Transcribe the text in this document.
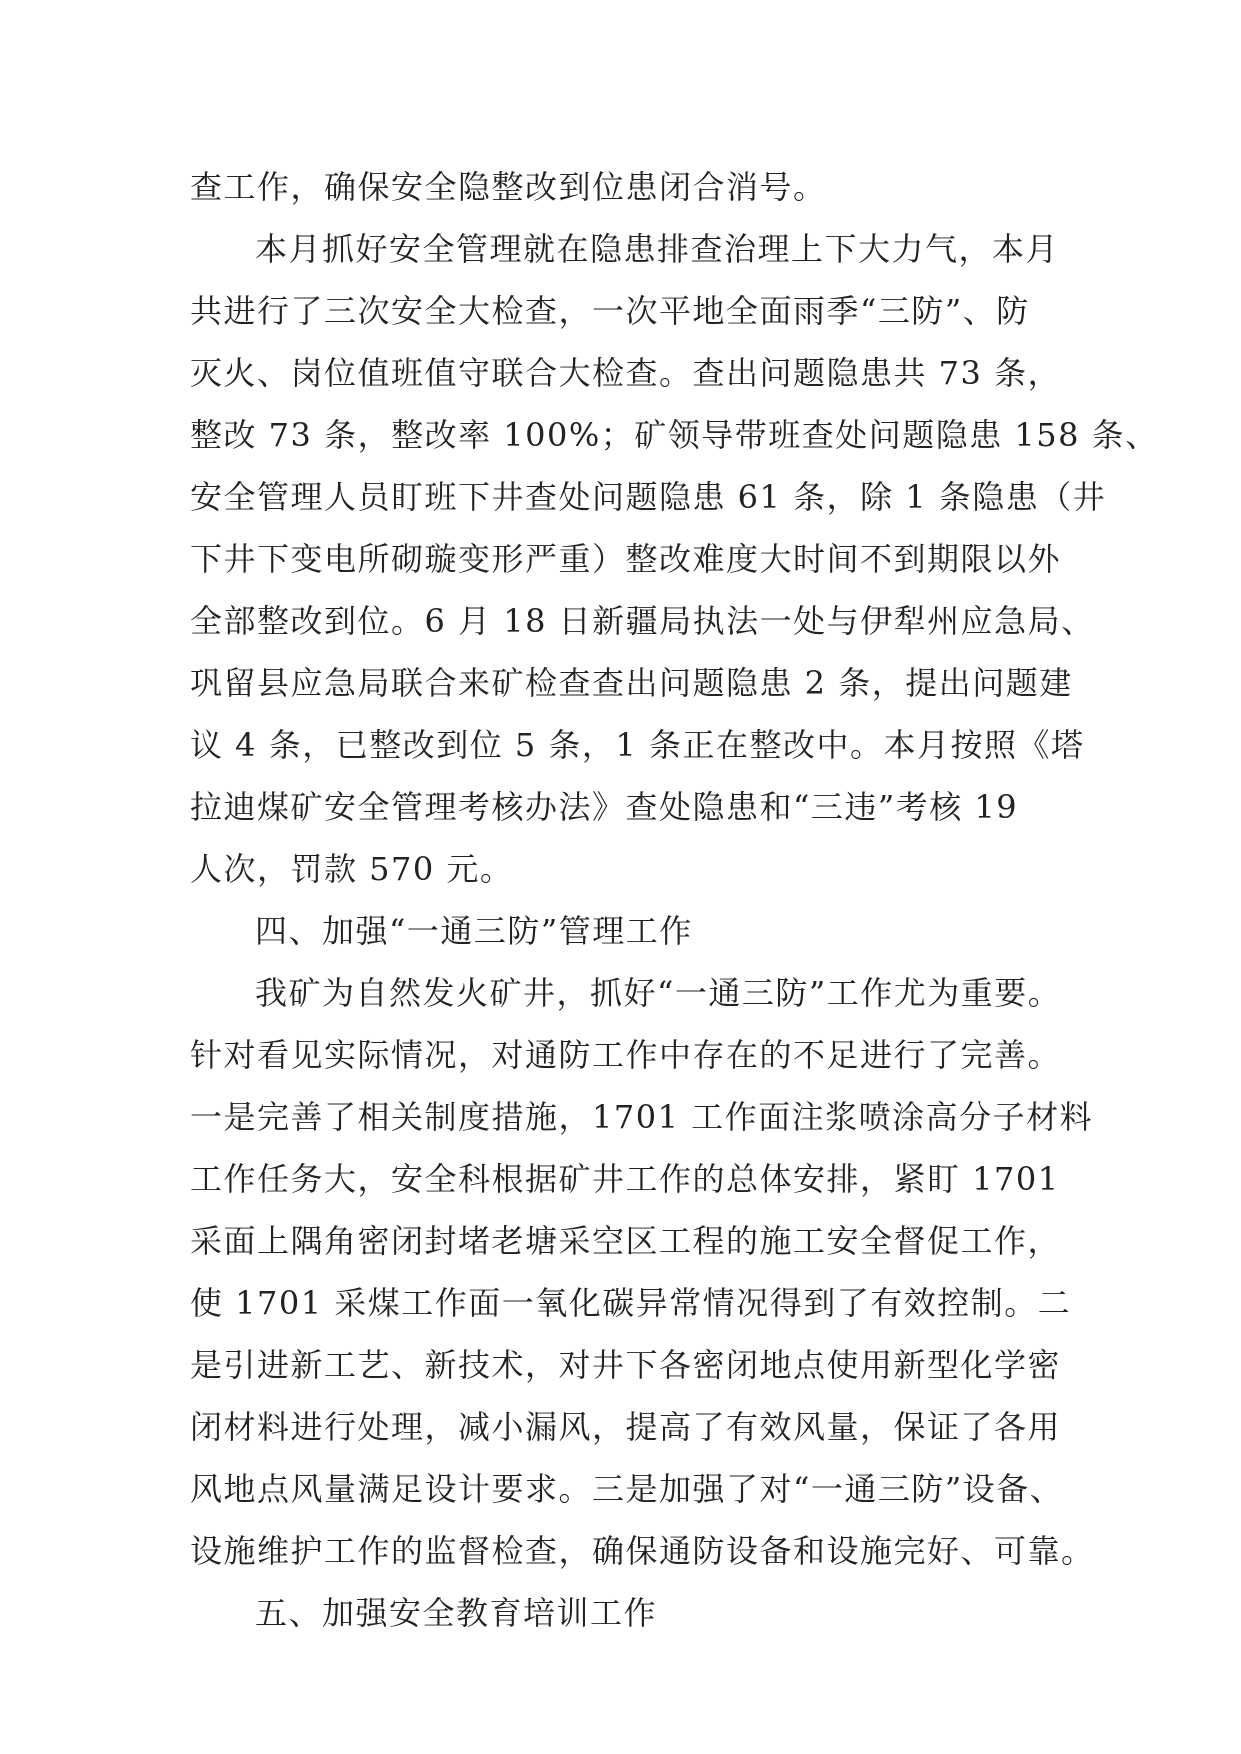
查工作，确保安全隐整改到位患闭合消号。
本月抓好安全管理就在隐患排查治理上下大力气，本月
共进行了三次安全大检查，一次平地全面雨季“三防”、防
灭火、岗位值班值守联合大检查。查出问题隐患共 73 条，
整改 73 条，整改率 100%；矿领导带班查处问题隐患 158 条、
安全管理人员盯班下井查处问题隐患 61 条，除 1 条隐患（井
下井下变电所砌璇变形严重）整改难度大时间不到期限以外
全部整改到位。6 月 18 日新疆局执法一处与伊犁州应急局、
巩留县应急局联合来矿检查查出问题隐患 2 条，提出问题建
议 4 条，已整改到位 5 条，1 条正在整改中。本月按照《塔
拉迪煤矿安全管理考核办法》查处隐患和“三违”考核 19
人次，罚款 570 元。
四、加强“一通三防”管理工作
我矿为自然发火矿井，抓好“一通三防”工作尤为重要。
针对看见实际情况，对通防工作中存在的不足进行了完善。
一是完善了相关制度措施，1701 工作面注浆喷涂高分子材料
工作任务大，安全科根据矿井工作的总体安排，紧盯 1701
采面上隅角密闭封堵老塘采空区工程的施工安全督促工作，
使 1701 采煤工作面一氧化碳异常情况得到了有效控制。二
是引进新工艺、新技术，对井下各密闭地点使用新型化学密
闭材料进行处理，减小漏风，提高了有效风量，保证了各用
风地点风量满足设计要求。三是加强了对“一通三防”设备、
设施维护工作的监督检查，确保通防设备和设施完好、可靠。
五、加强安全教育培训工作
